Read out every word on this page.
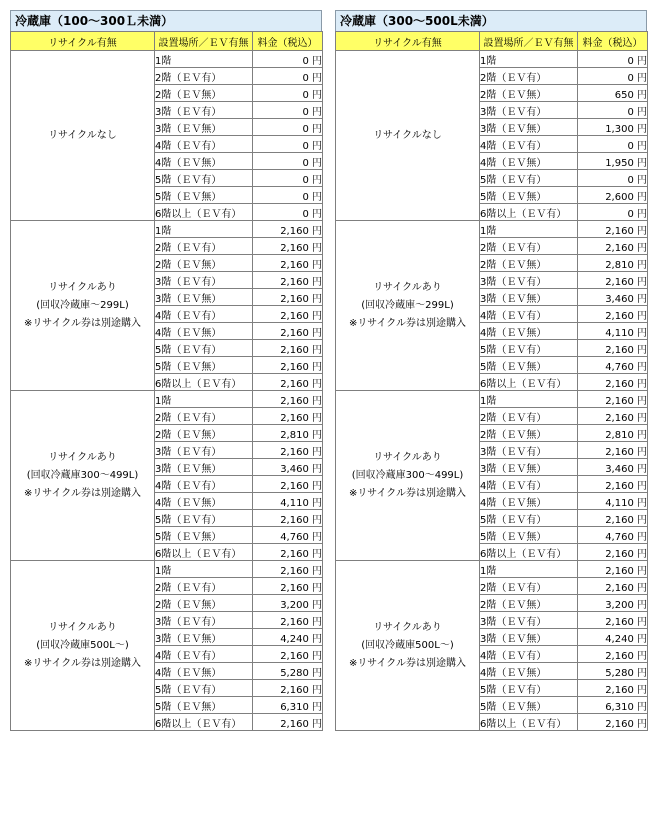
冷蔵庫（100～300Ｌ未満）
リサイクル有無	設置場所／ＥＶ有無	料金（税込）

リサイクルなし	1階	0 円
	2階（ＥＶ有）	0 円
	2階（ＥＶ無）	0 円
	3階（ＥＶ有）	0 円
	3階（ＥＶ無）	0 円
	4階（ＥＶ有）	0 円
	4階（ＥＶ無）	0 円
	5階（ＥＶ有）	0 円
	5階（ＥＶ無）	0 円
	6階以上（ＥＶ有）	0 円

リサイクルあり
(回収冷蔵庫～299L)
※リサイクル券は別途購入	1階	2,160 円
	2階（ＥＶ有）	2,160 円
	2階（ＥＶ無）	2,160 円
	3階（ＥＶ有）	2,160 円
	3階（ＥＶ無）	2,160 円
	4階（ＥＶ有）	2,160 円
	4階（ＥＶ無）	2,160 円
	5階（ＥＶ有）	2,160 円
	5階（ＥＶ無）	2,160 円
	6階以上（ＥＶ有）	2,160 円

リサイクルあり
(回収冷蔵庫300～499L)
※リサイクル券は別途購入	1階	2,160 円
	2階（ＥＶ有）	2,160 円
	2階（ＥＶ無）	2,810 円
	3階（ＥＶ有）	2,160 円
	3階（ＥＶ無）	3,460 円
	4階（ＥＶ有）	2,160 円
	4階（ＥＶ無）	4,110 円
	5階（ＥＶ有）	2,160 円
	5階（ＥＶ無）	4,760 円
	6階以上（ＥＶ有）	2,160 円

リサイクルあり
(回収冷蔵庫500L～)
※リサイクル券は別途購入	1階	2,160 円
	2階（ＥＶ有）	2,160 円
	2階（ＥＶ無）	3,200 円
	3階（ＥＶ有）	2,160 円
	3階（ＥＶ無）	4,240 円
	4階（ＥＶ有）	2,160 円
	4階（ＥＶ無）	5,280 円
	5階（ＥＶ有）	2,160 円
	5階（ＥＶ無）	6,310 円
	6階以上（ＥＶ有）	2,160 円
冷蔵庫（300～500L未満）
リサイクル有無	設置場所／ＥＶ有無	料金（税込）

リサイクルなし	1階	0 円
	2階（ＥＶ有）	0 円
	2階（ＥＶ無）	650 円
	3階（ＥＶ有）	0 円
	3階（ＥＶ無）	1,300 円
	4階（ＥＶ有）	0 円
	4階（ＥＶ無）	1,950 円
	5階（ＥＶ有）	0 円
	5階（ＥＶ無）	2,600 円
	6階以上（ＥＶ有）	0 円

リサイクルあり
(回収冷蔵庫～299L)
※リサイクル券は別途購入	1階	2,160 円
	2階（ＥＶ有）	2,160 円
	2階（ＥＶ無）	2,810 円
	3階（ＥＶ有）	2,160 円
	3階（ＥＶ無）	3,460 円
	4階（ＥＶ有）	2,160 円
	4階（ＥＶ無）	4,110 円
	5階（ＥＶ有）	2,160 円
	5階（ＥＶ無）	4,760 円
	6階以上（ＥＶ有）	2,160 円

リサイクルあり
(回収冷蔵庫300～499L)
※リサイクル券は別途購入	1階	2,160 円
	2階（ＥＶ有）	2,160 円
	2階（ＥＶ無）	2,810 円
	3階（ＥＶ有）	2,160 円
	3階（ＥＶ無）	3,460 円
	4階（ＥＶ有）	2,160 円
	4階（ＥＶ無）	4,110 円
	5階（ＥＶ有）	2,160 円
	5階（ＥＶ無）	4,760 円
	6階以上（ＥＶ有）	2,160 円

リサイクルあり
(回収冷蔵庫500L～)
※リサイクル券は別途購入	1階	2,160 円
	2階（ＥＶ有）	2,160 円
	2階（ＥＶ無）	3,200 円
	3階（ＥＶ有）	2,160 円
	3階（ＥＶ無）	4,240 円
	4階（ＥＶ有）	2,160 円
	4階（ＥＶ無）	5,280 円
	5階（ＥＶ有）	2,160 円
	5階（ＥＶ無）	6,310 円
	6階以上（ＥＶ有）	2,160 円
